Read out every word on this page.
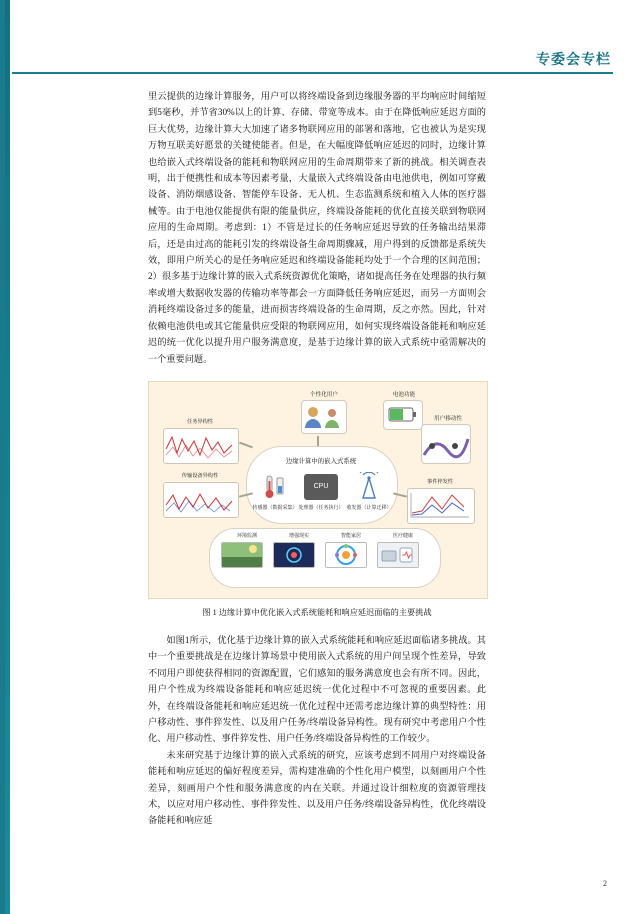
专委会专栏

里云提供的边缘计算服务，用户可以将终端设备到边缘服务器的平均响应时间缩短到5毫秒，并节省30%以上的计算、存储、带宽等成本。由于在降低响应延迟方面的巨大优势，边缘计算大大加速了诸多物联网应用的部署和落地，它也被认为是实现万物互联美好愿景的关键使能者。但是，在大幅度降低响应延迟的同时，边缘计算也给嵌入式终端设备的能耗和物联网应用的生命周期带来了新的挑战。相关调查表明，出于便携性和成本等因素考量，大量嵌入式终端设备由电池供电，例如可穿戴设备、消防烟感设备、智能停车设备、无人机、生态监测系统和植入人体的医疗器械等。由于电池仅能提供有限的能量供应，终端设备能耗的优化直接关联到物联网应用的生命周期。考虑到：1）不管是过长的任务响应延迟导致的任务输出结果滞后，还是由过高的能耗引发的终端设备生命周期骤减，用户得到的反馈都是系统失效，即用户所关心的是任务响应延迟和终端设备能耗均处于一个合理的区间范围；2）很多基于边缘计算的嵌入式系统资源优化策略，诸如提高任务在处理器的执行频率或增大数据收发器的传输功率等都会一方面降低任务响应延迟，而另一方面则会消耗终端设备过多的能量，进而损害终端设备的生命周期，反之亦然。因此，针对依赖电池供电或其它能量供应受限的物联网应用，如何实现终端设备能耗和响应延迟的统一优化以提升用户服务满意度，是基于边缘计算的嵌入式系统中亟需解决的一个重要问题。

个性化用户	电池功能
用户移动性
任务异构性
传输设备异构性
事件猝发性
边缘计算中的嵌入式系统
CPU
传感器（数据采集） 处理器（任务执行） 收发器（计算迁移）
环境监测	增强现实	智能家居	医疗健康
图 1 边缘计算中优化嵌入式系统能耗和响应延迟面临的主要挑战

如图1所示，优化基于边缘计算的嵌入式系统能耗和响应延迟面临诸多挑战。其中一个重要挑战是在边缘计算场景中使用嵌入式系统的用户间呈现个性差异，导致不同用户即使获得相同的资源配置，它们感知的服务满意度也会有所不同。因此，用户个性成为终端设备能耗和响应延迟统一优化过程中不可忽视的重要因素。此外，在终端设备能耗和响应延迟统一优化过程中还需考虑边缘计算的典型特性：用户移动性、事件猝发性、以及用户任务/终端设备异构性。现有研究中考虑用户个性化、用户移动性、事件猝发性、用户任务/终端设备异构性的工作较少。

未来研究基于边缘计算的嵌入式系统的研究，应该考虑到不同用户对终端设备能耗和响应延迟的偏好程度差异，需构建准确的个性化用户模型，以刻画用户个性差异，刻画用户个性和服务满意度的内在关联。并通过设计细粒度的资源管理技术，以应对用户移动性、事件猝发性、以及用户任务/终端设备异构性，优化终端设备能耗和响应延

2
